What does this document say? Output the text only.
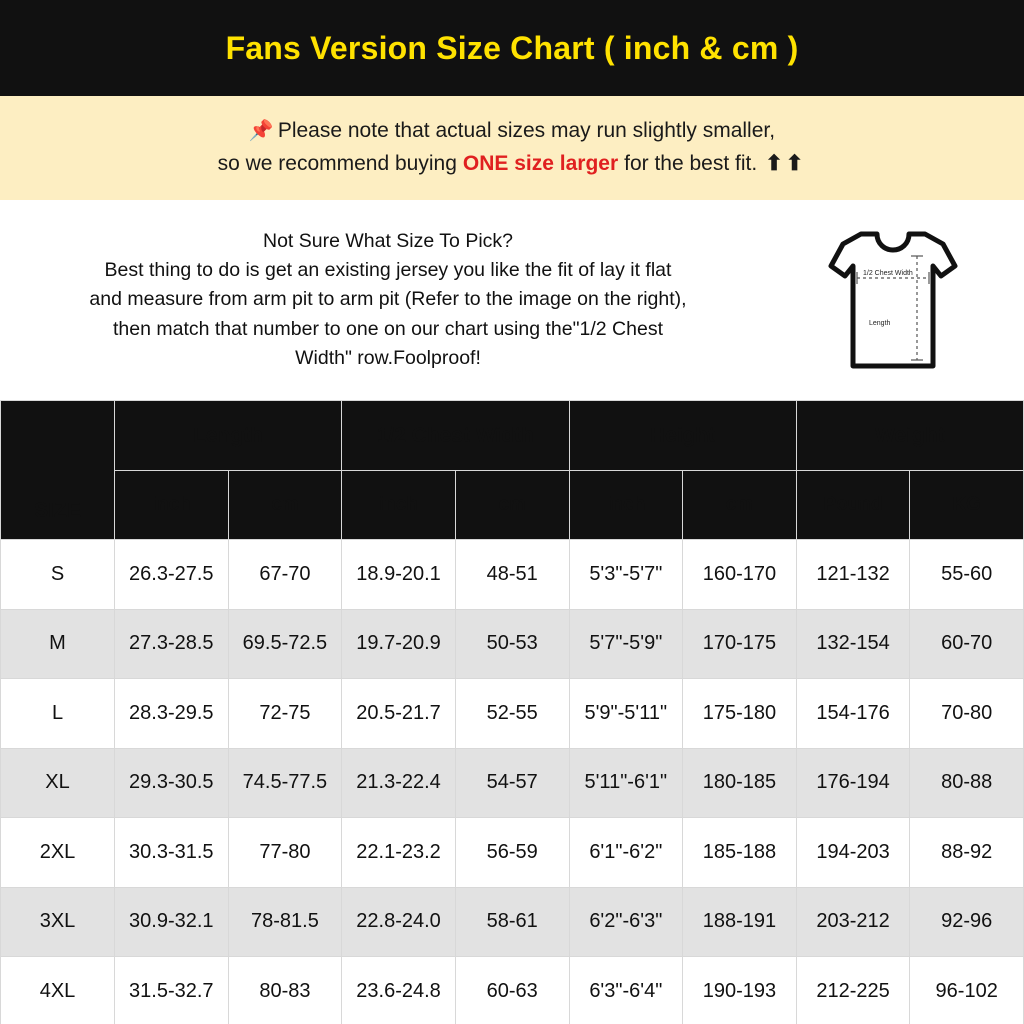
Fans Version Size Chart ( inch & cm )
📌 Please note that actual sizes may run slightly smaller,
so we recommend buying ONE size larger for the best fit. ⬆⬆
Not Sure What Size To Pick?
Best thing to do is get an existing jersey you like the fit of lay it flat
and measure from arm pit to arm pit (Refer to the image on the right),
then match that number to one on our chart using the"1/2 Chest
Width" row.Foolproof!
1/2 Chest Width
Length
SIZE	Length		1/2 Chest Width		Height		Weight	
	inch	cm	inch	cm	inch	cm	Pound	KG
S	26.3-27.5	67-70	18.9-20.1	48-51	5'3"-5'7"	160-170	121-132	55-60
M	27.3-28.5	69.5-72.5	19.7-20.9	50-53	5'7"-5'9"	170-175	132-154	60-70
L	28.3-29.5	72-75	20.5-21.7	52-55	5'9"-5'11"	175-180	154-176	70-80
XL	29.3-30.5	74.5-77.5	21.3-22.4	54-57	5'11"-6'1"	180-185	176-194	80-88
2XL	30.3-31.5	77-80	22.1-23.2	56-59	6'1"-6'2"	185-188	194-203	88-92
3XL	30.9-32.1	78-81.5	22.8-24.0	58-61	6'2"-6'3"	188-191	203-212	92-96
4XL	31.5-32.7	80-83	23.6-24.8	60-63	6'3"-6'4"	190-193	212-225	96-102
